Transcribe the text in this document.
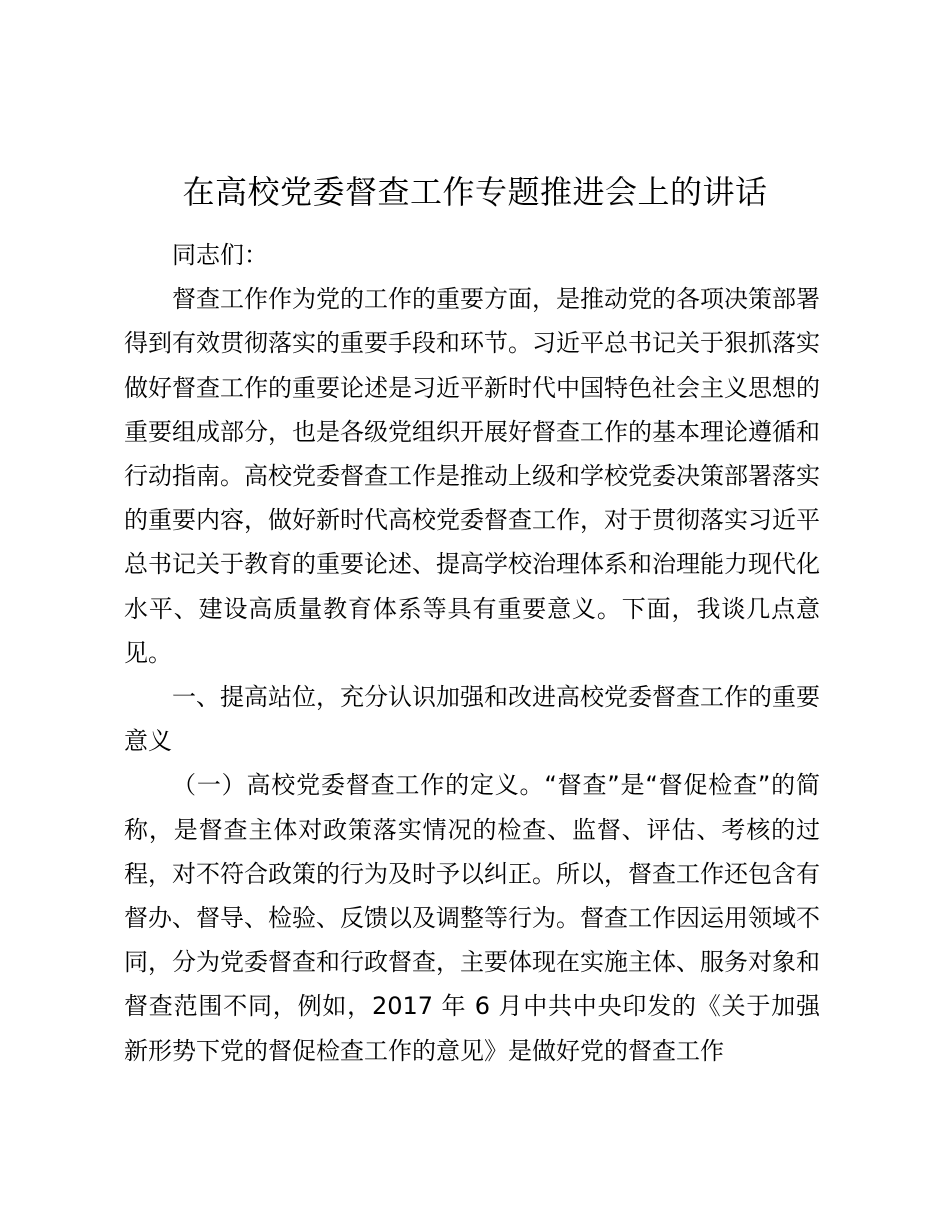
在高校党委督查工作专题推进会上的讲话

同志们：

督查工作作为党的工作的重要方面，是推动党的各项决策部署得到有效贯彻落实的重要手段和环节。习近平总书记关于狠抓落实做好督查工作的重要论述是习近平新时代中国特色社会主义思想的重要组成部分，也是各级党组织开展好督查工作的基本理论遵循和行动指南。高校党委督查工作是推动上级和学校党委决策部署落实的重要内容，做好新时代高校党委督查工作，对于贯彻落实习近平总书记关于教育的重要论述、提高学校治理体系和治理能力现代化水平、建设高质量教育体系等具有重要意义。下面，我谈几点意见。

一、提高站位，充分认识加强和改进高校党委督查工作的重要意义

（一）高校党委督查工作的定义。“督查”是“督促检查”的简称，是督查主体对政策落实情况的检查、监督、评估、考核的过程，对不符合政策的行为及时予以纠正。所以，督查工作还包含有督办、督导、检验、反馈以及调整等行为。督查工作因运用领域不同，分为党委督查和行政督查，主要体现在实施主体、服务对象和督查范围不同，例如，2017 年 6 月中共中央印发的《关于加强新形势下党的督促检查工作的意见》是做好党的督查工作
